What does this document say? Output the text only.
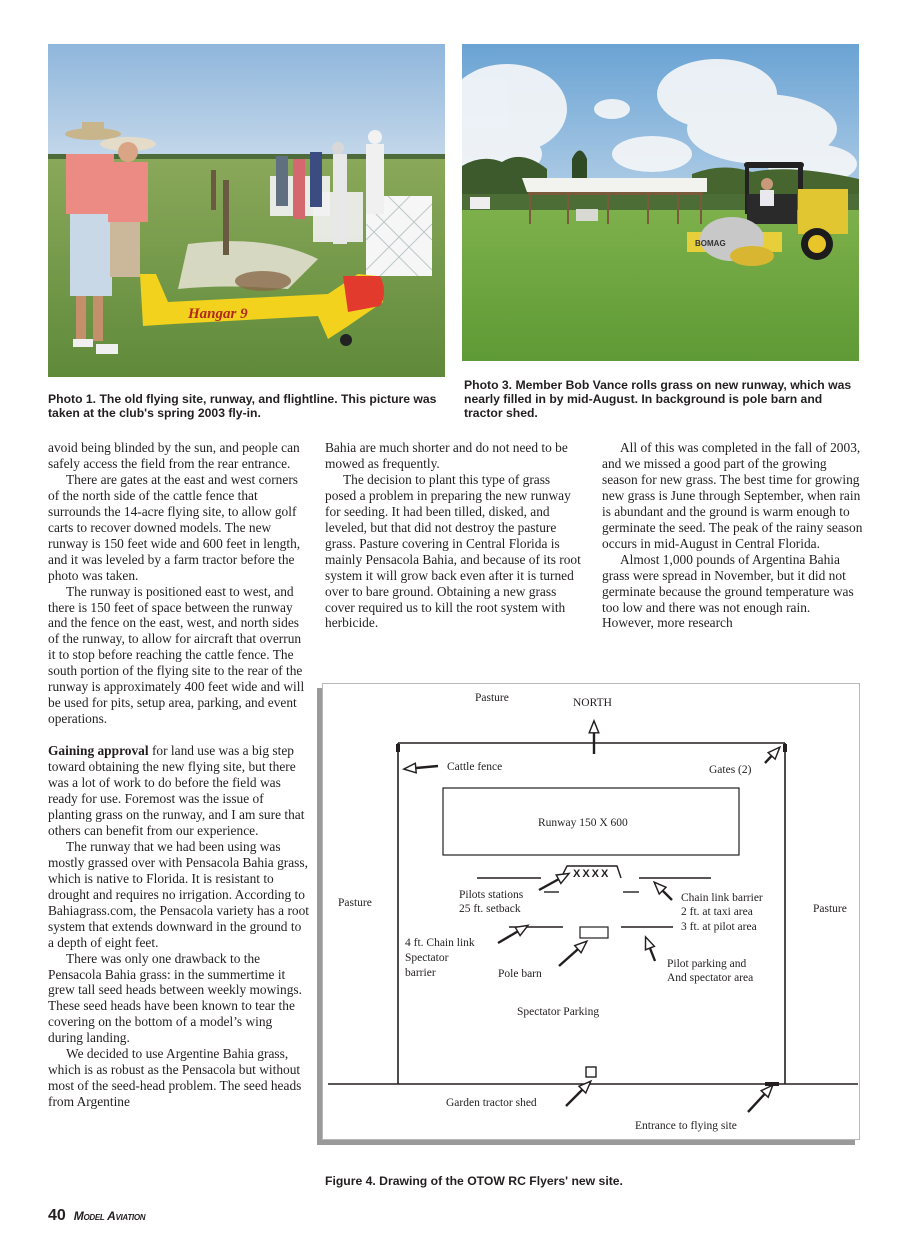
Hangar 9
BOMAG
Photo 1. The old flying site, runway, and flightline. This picture was taken at the club's spring 2003 fly-in.
Photo 3. Member Bob Vance rolls grass on new runway, which was nearly filled in by mid-August. In background is pole barn and tractor shed.

avoid being blinded by the sun, and people can safely access the field from the rear entrance.

There are gates at the east and west corners of the north side of the cattle fence that surrounds the 14-acre flying site, to allow golf carts to recover downed models. The new runway is 150 feet wide and 600 feet in length, and it was leveled by a farm tractor before the photo was taken.

The runway is positioned east to west, and there is 150 feet of space between the runway and the fence on the east, west, and north sides of the runway, to allow for aircraft that overrun it to stop before reaching the cattle fence. The south portion of the flying site to the rear of the runway is approximately 400 feet wide and will be used for pits, setup area, parking, and event operations.

Gaining approval for land use was a big step toward obtaining the new flying site, but there was a lot of work to do before the field was ready for use. Foremost was the issue of planting grass on the runway, and I am sure that others can benefit from our experience.

The runway that we had been using was mostly grassed over with Pensacola Bahia grass, which is native to Florida. It is resistant to drought and requires no irrigation. According to Bahiagrass.com, the Pensacola variety has a root system that extends downward in the ground to a depth of eight feet.

There was only one drawback to the Pensacola Bahia grass: in the summertime it grew tall seed heads between weekly mowings. These seed heads have been known to tear the covering on the bottom of a model’s wing during landing.

We decided to use Argentine Bahia grass, which is as robust as the Pensacola but without most of the seed-head problem. The seed heads from Argentine

Bahia are much shorter and do not need to be mowed as frequently.

The decision to plant this type of grass posed a problem in preparing the new runway for seeding. It had been tilled, disked, and leveled, but that did not destroy the pasture grass. Pasture covering in Central Florida is mainly Pensacola Bahia, and because of its root system it will grow back even after it is turned over to bare ground. Obtaining a new grass cover required us to kill the root system with herbicide.

All of this was completed in the fall of 2003, and we missed a good part of the growing season for new grass. The best time for growing new grass is June through September, when rain is abundant and the ground is warm enough to germinate the seed. The peak of the rainy season occurs in mid-August in Central Florida.

Almost 1,000 pounds of Argentina Bahia grass were spread in November, but it did not germinate because the ground temperature was too low and there was not enough rain. However, more research

XXXX
Pasture	NORTH
Cattle fence	Gates (2)
Runway 150 X 600
Pasture	Pasture
Pilots stations
25 ft. setback
Chain link barrier
2 ft. at taxi area
3 ft. at pilot area
4 ft. Chain link
Spectator
barrier	Pole barn
Pilot parking and
And spectator area
Spectator Parking
Garden tractor shed
Entrance to flying site
Figure 4. Drawing of the OTOW RC Flyers' new site.
40 Model Aviation
